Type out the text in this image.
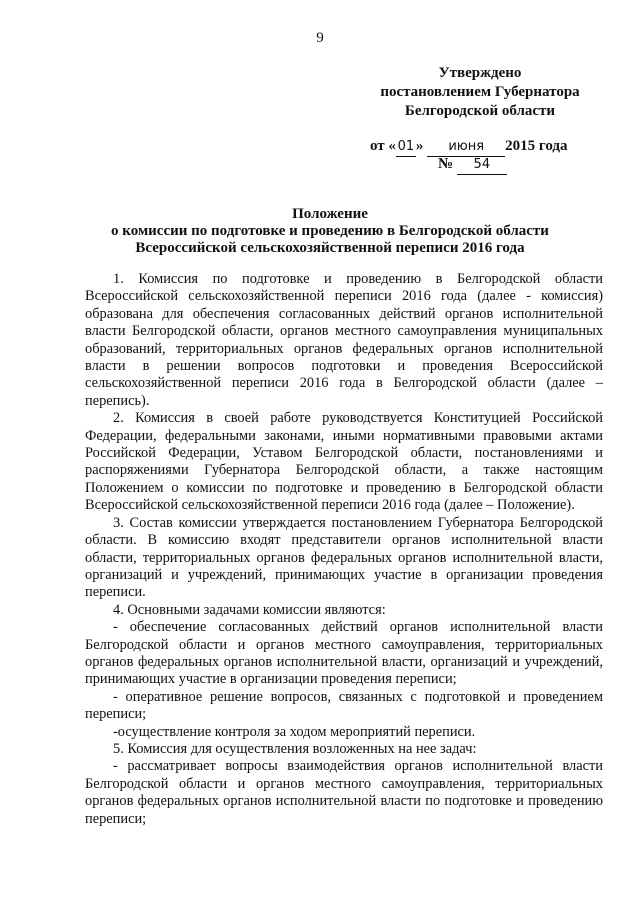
9
Утверждено
постановлением Губернатора
Белгородской области
от « 01 » июня 2015 года
№ 54
Положение
о комиссии по подготовке и проведению в Белгородской области
Всероссийской сельскохозяйственной переписи 2016 года

1. Комиссия по подготовке и проведению в Белгородской области Всероссийской сельскохозяйственной переписи 2016 года (далее - комиссия) образована для обеспечения согласованных действий органов исполнительной власти Белгородской области, органов местного самоуправления муниципальных образований, территориальных органов федеральных органов исполнительной власти в решении вопросов подготовки и проведения Всероссийской сельскохозяйственной переписи 2016 года в Белгородской области (далее – перепись).

2. Комиссия в своей работе руководствуется Конституцией Российской Федерации, федеральными законами, иными нормативными правовыми актами Российской Федерации, Уставом Белгородской области, постановлениями и распоряжениями Губернатора Белгородской области, а также настоящим Положением о комиссии по подготовке и проведению в Белгородской области Всероссийской сельскохозяйственной переписи 2016 года (далее – Положение).

3. Состав комиссии утверждается постановлением Губернатора Белгородской области. В комиссию входят представители органов исполнительной власти области, территориальных органов федеральных органов исполнительной власти, организаций и учреждений, принимающих участие в организации проведения переписи.

4. Основными задачами комиссии являются:

- обеспечение согласованных действий органов исполнительной власти Белгородской области и органов местного самоуправления, территориальных органов федеральных органов исполнительной власти, организаций и учреждений, принимающих участие в организации проведения переписи;

- оперативное решение вопросов, связанных с подготовкой и проведением переписи;

-осуществление контроля за ходом мероприятий переписи.

5. Комиссия для осуществления возложенных на нее задач:

- рассматривает вопросы взаимодействия органов исполнительной власти Белгородской области и органов местного самоуправления, территориальных органов федеральных органов исполнительной власти по подготовке и проведению переписи;
